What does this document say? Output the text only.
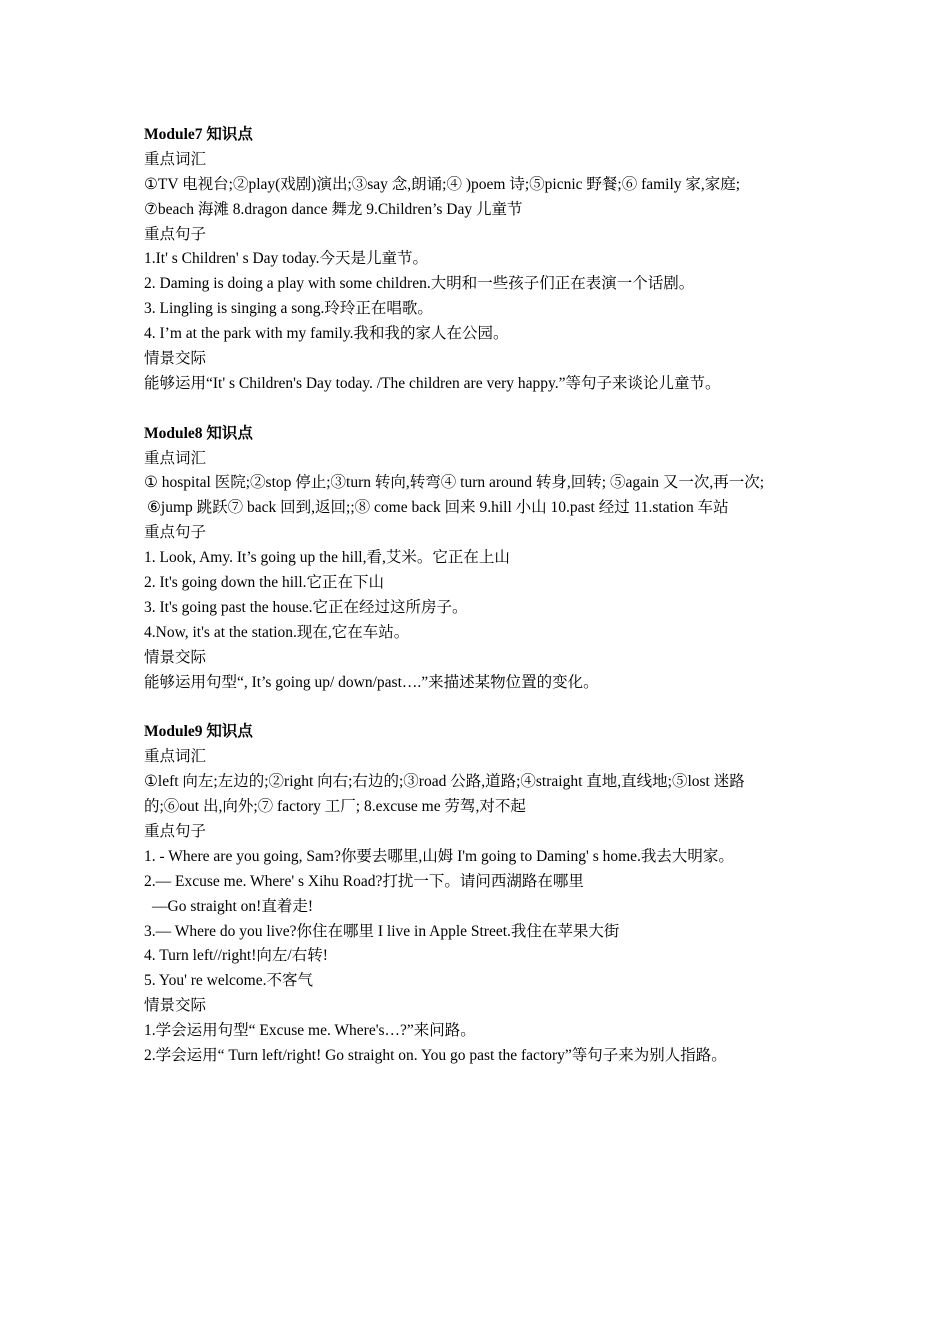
Module7 知识点

重点词汇

①TV 电视台;②play(戏剧)演出;③say 念,朗诵;④ )poem 诗;⑤picnic 野餐;⑥ family 家,家庭;

⑦beach 海滩 8.dragon dance 舞龙 9.Children’s Day 儿童节

重点句子

1.It' s Children' s Day today.今天是儿童节。

2. Daming is doing a play with some children.大明和一些孩子们正在表演一个话剧。

3. Lingling is singing a song.玲玲正在唱歌。

4. I’m at the park with my family.我和我的家人在公园。

情景交际

能够运用“It' s Children's Day today. /The children are very happy.”等句子来谈论儿童节。

Module8 知识点

重点词汇

① hospital 医院;②stop 停止;③turn 转向,转弯④ turn around 转身,回转; ⑤again 又一次,再一次;

⑥jump 跳跃⑦ back 回到,返回;;⑧ come back 回来 9.hill 小山 10.past 经过 11.station 车站

重点句子

1. Look, Amy. It’s going up the hill,看,艾米。它正在上山

2. It's going down the hill.它正在下山

3. It's going past the house.它正在经过这所房子。

4.Now, it's at the station.现在,它在车站。

情景交际

能够运用句型“, It’s going up/ down/past….”来描述某物位置的变化。

Module9 知识点

重点词汇

①left 向左;左边的;②right 向右;右边的;③road 公路,道路;④straight 直地,直线地;⑤lost 迷路

的;⑥out 出,向外;⑦ factory 工厂; 8.excuse me 劳驾,对不起

重点句子

1. - Where are you going, Sam?你要去哪里,山姆 I'm going to Daming' s home.我去大明家。

2.— Excuse me. Where' s Xihu Road?打扰一下。请问西湖路在哪里

—Go straight on!直着走!

3.— Where do you live?你住在哪里 I live in Apple Street.我住在苹果大街

4. Turn left//right!向左/右转!

5. You' re welcome.不客气

情景交际

1.学会运用句型“ Excuse me. Where's…?”来问路。

2.学会运用“ Turn left/right! Go straight on. You go past the factory”等句子来为别人指路。
